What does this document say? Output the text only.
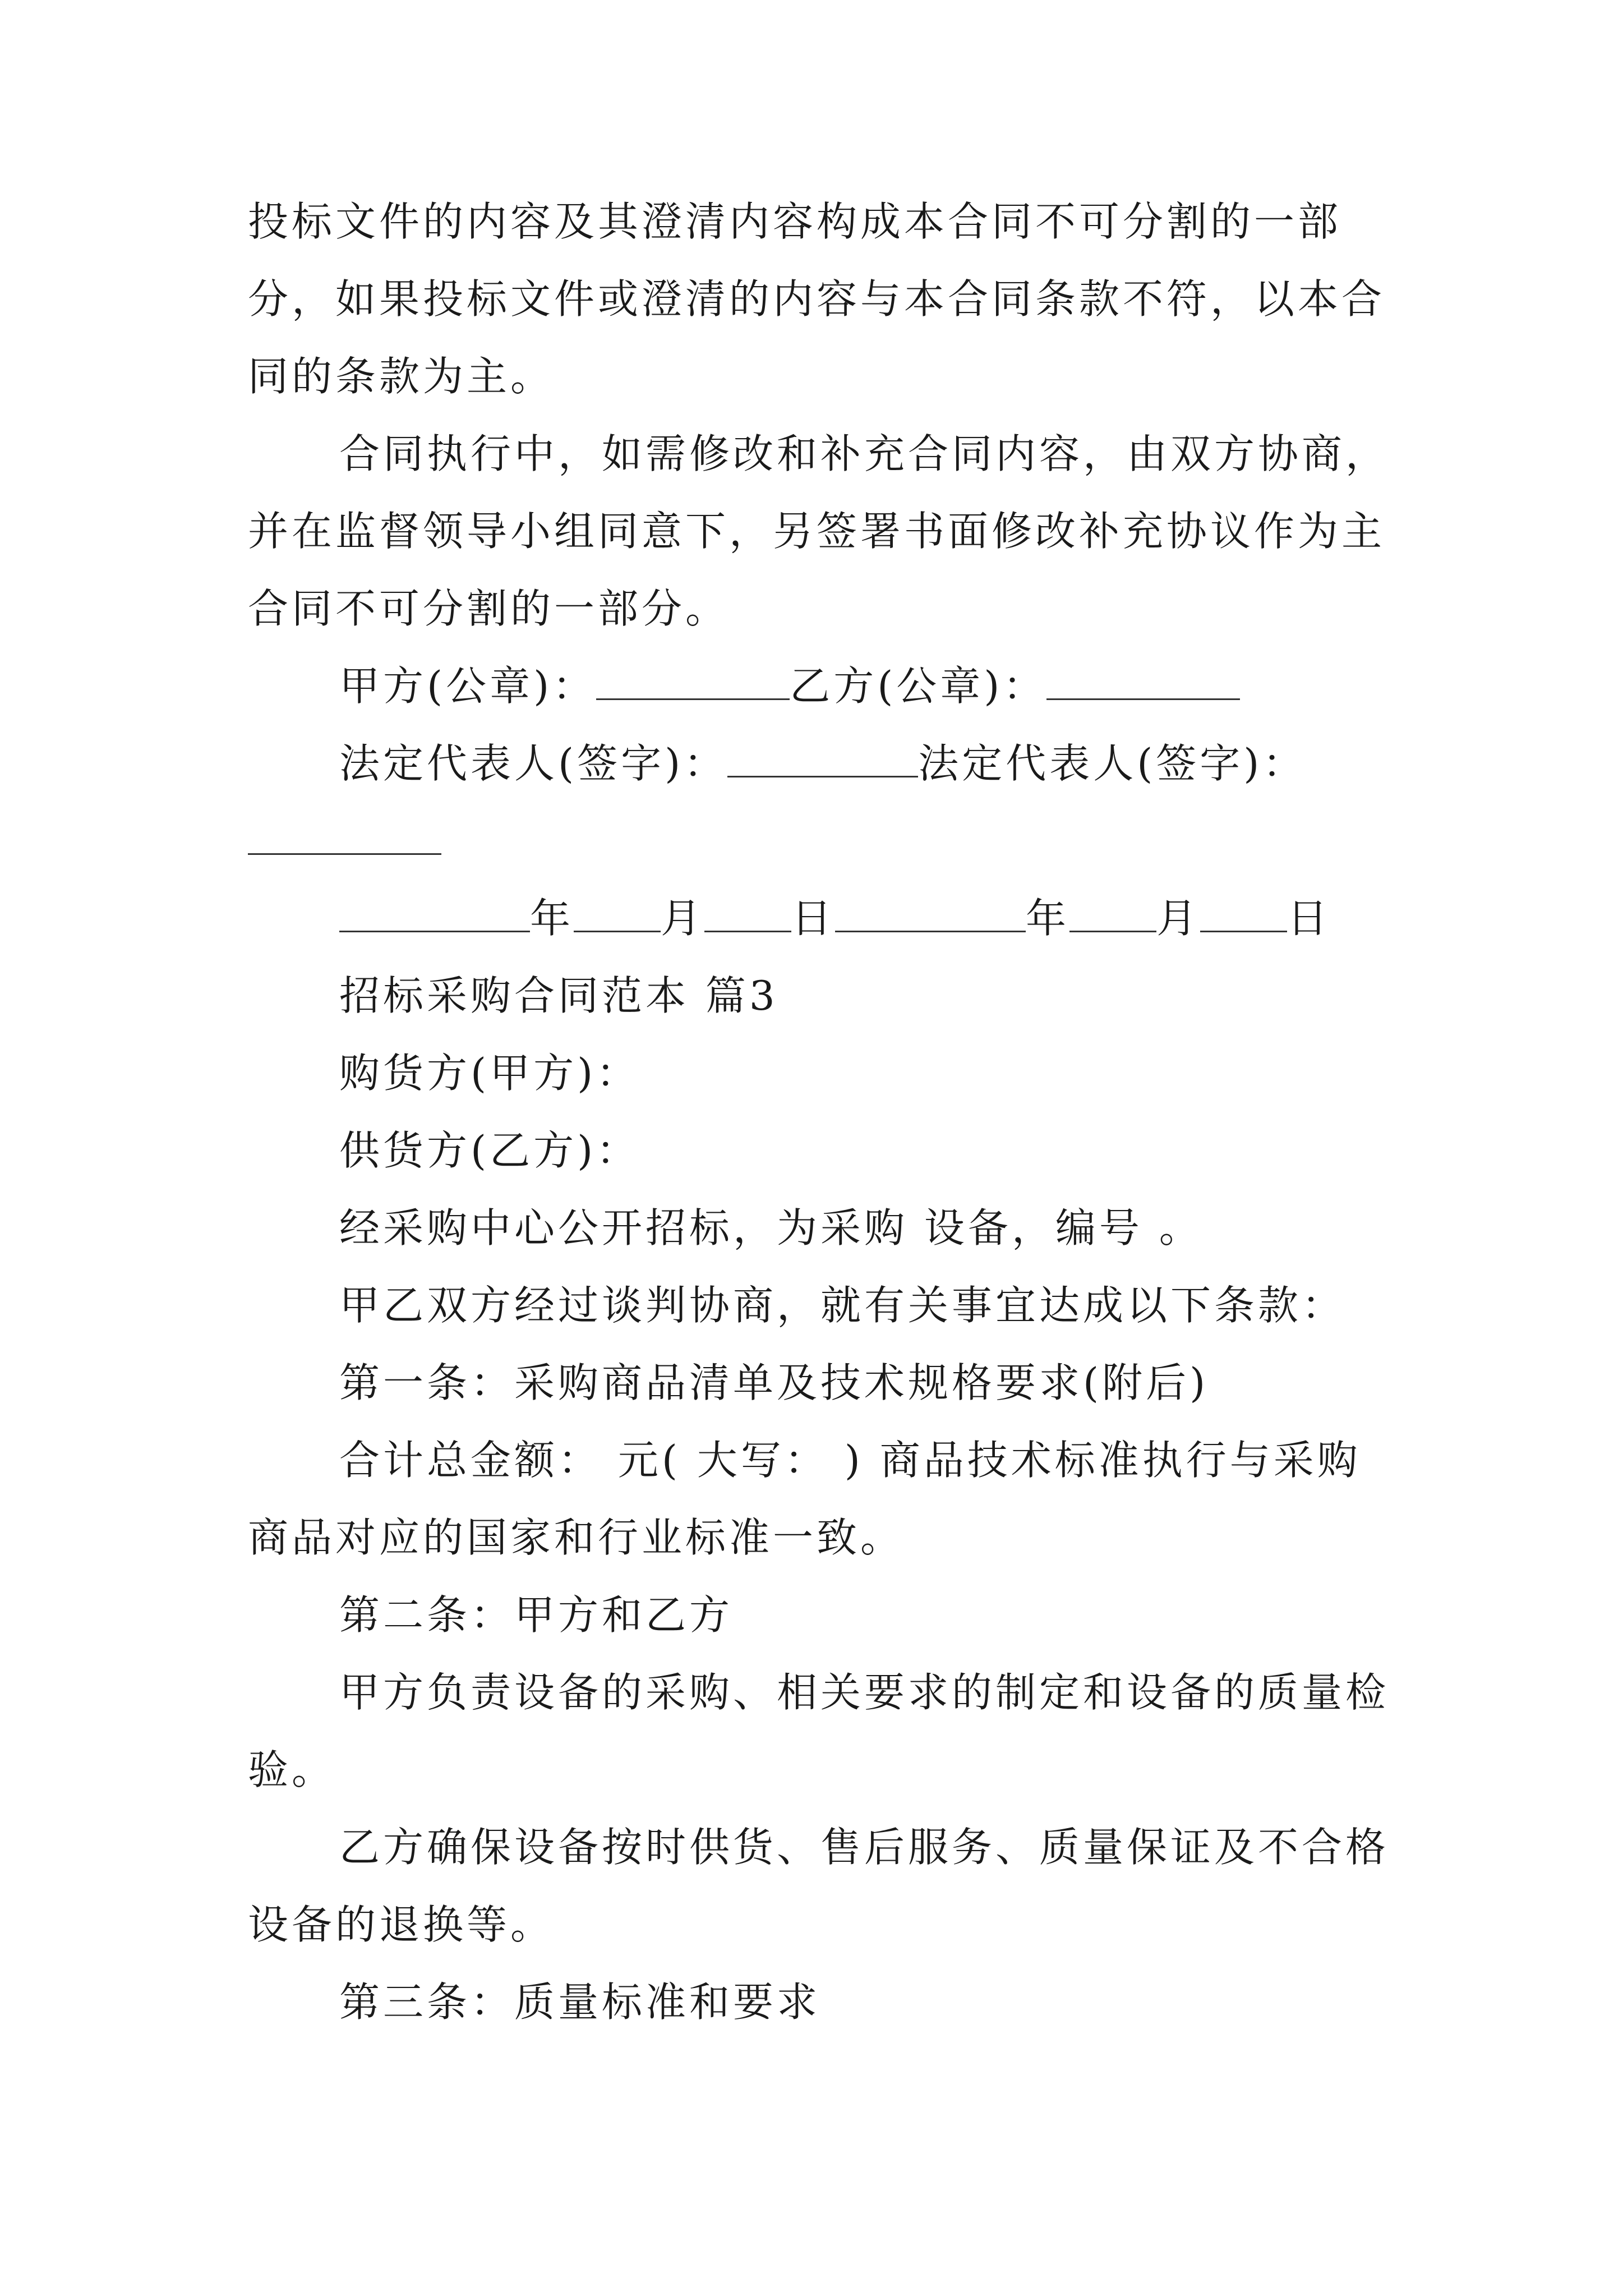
投标文件的内容及其澄清内容构成本合同不可分割的一部
分，如果投标文件或澄清的内容与本合同条款不符，以本合
同的条款为主。
合同执行中，如需修改和补充合同内容，由双方协商，
并在监督领导小组同意下，另签署书面修改补充协议作为主
合同不可分割的一部分。
甲方(公章)：	乙方(公章)：
法定代表人(签字)：	法定代表人(签字)：
年 月 日	年 月 日
招标采购合同范本 篇3
购货方(甲方)：
供货方(乙方)：
经采购中心公开招标，为采购 设备，编号 。
甲乙双方经过谈判协商，就有关事宜达成以下条款：
第一条：采购商品清单及技术规格要求(附后)
合计总金额： 元( 大写： ) 商品技术标准执行与采购
商品对应的国家和行业标准一致。
第二条：甲方和乙方
甲方负责设备的采购、相关要求的制定和设备的质量检
验。
乙方确保设备按时供货、售后服务、质量保证及不合格
设备的退换等。
第三条：质量标准和要求
